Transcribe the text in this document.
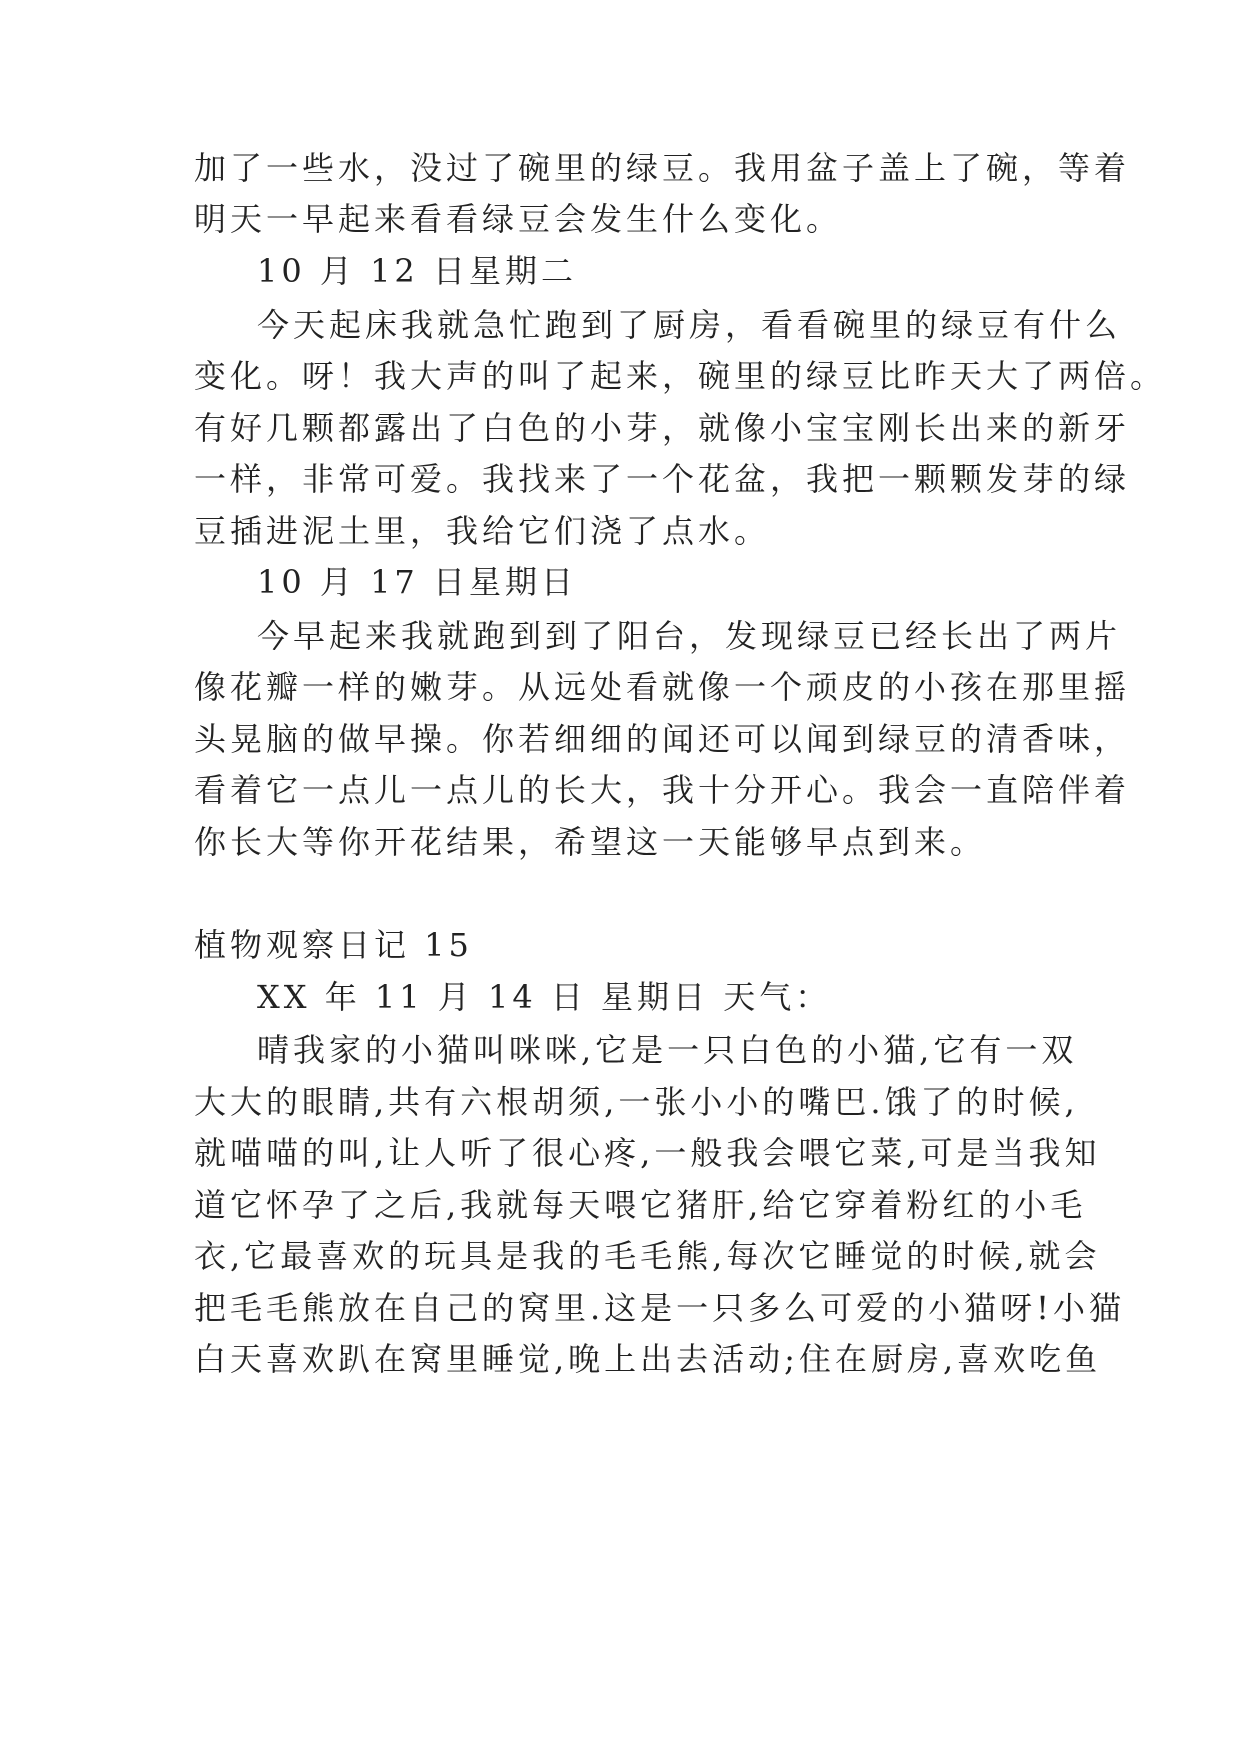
加了一些水，没过了碗里的绿豆。我用盆子盖上了碗，等着
明天一早起来看看绿豆会发生什么变化。
10 月 12 日星期二
今天起床我就急忙跑到了厨房，看看碗里的绿豆有什么
变化。呀！我大声的叫了起来，碗里的绿豆比昨天大了两倍。
有好几颗都露出了白色的小芽，就像小宝宝刚长出来的新牙
一样，非常可爱。我找来了一个花盆，我把一颗颗发芽的绿
豆插进泥土里，我给它们浇了点水。
10 月 17 日星期日
今早起来我就跑到到了阳台，发现绿豆已经长出了两片
像花瓣一样的嫩芽。从远处看就像一个顽皮的小孩在那里摇
头晃脑的做早操。你若细细的闻还可以闻到绿豆的清香味，
看着它一点儿一点儿的长大，我十分开心。我会一直陪伴着
你长大等你开花结果，希望这一天能够早点到来。
植物观察日记 15
XX 年 11 月 14 日 星期日 天气：
晴我家的小猫叫咪咪,它是一只白色的小猫,它有一双
大大的眼睛,共有六根胡须,一张小小的嘴巴.饿了的时候,
就喵喵的叫,让人听了很心疼,一般我会喂它菜,可是当我知
道它怀孕了之后,我就每天喂它猪肝,给它穿着粉红的小毛
衣,它最喜欢的玩具是我的毛毛熊,每次它睡觉的时候,就会
把毛毛熊放在自己的窝里.这是一只多么可爱的小猫呀!小猫
白天喜欢趴在窝里睡觉,晚上出去活动;住在厨房,喜欢吃鱼
